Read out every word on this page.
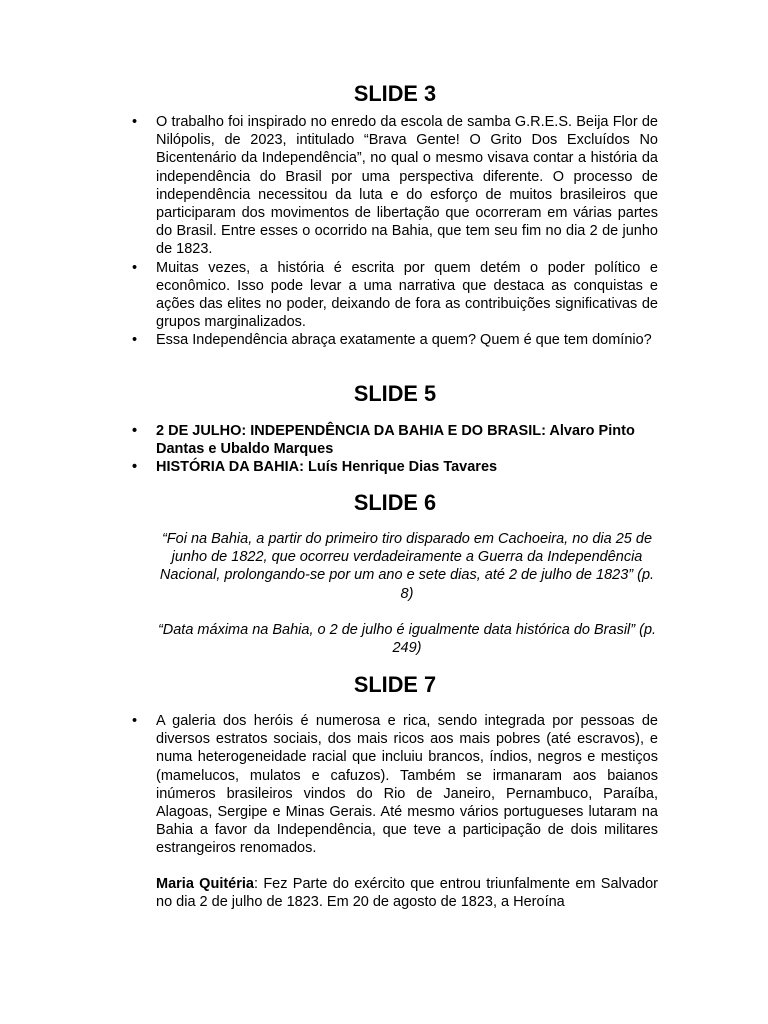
SLIDE 3
• O trabalho foi inspirado no enredo da escola de samba G.R.E.S. Beija Flor de Nilópolis, de 2023, intitulado “Brava Gente! O Grito Dos Excluídos No Bicentenário da Independência”, no qual o mesmo visava contar a história da independência do Brasil por uma perspectiva diferente. O processo de independência necessitou da luta e do esforço de muitos brasileiros que participaram dos movimentos de libertação que ocorreram em várias partes do Brasil. Entre esses o ocorrido na Bahia, que tem seu fim no dia 2 de junho de 1823.
• Muitas vezes, a história é escrita por quem detém o poder político e econômico. Isso pode levar a uma narrativa que destaca as conquistas e ações das elites no poder, deixando de fora as contribuições significativas de grupos marginalizados.
• Essa Independência abraça exatamente a quem? Quem é que tem domínio?
SLIDE 5
• 2 DE JULHO: INDEPENDÊNCIA DA BAHIA E DO BRASIL: Alvaro Pinto Dantas e Ubaldo Marques
• HISTÓRIA DA BAHIA: Luís Henrique Dias Tavares
SLIDE 6

“Foi na Bahia, a partir do primeiro tiro disparado em Cachoeira, no dia 25 de junho de 1822, que ocorreu verdadeiramente a Guerra da Independência Nacional, prolongando-se por um ano e sete dias, até 2 de julho de 1823” (p. 8)

“Data máxima na Bahia, o 2 de julho é igualmente data histórica do Brasil” (p. 249)

SLIDE 7
• A galeria dos heróis é numerosa e rica, sendo integrada por pessoas de diversos estratos sociais, dos mais ricos aos mais pobres (até escravos), e numa heterogeneidade racial que incluiu brancos, índios, negros e mestiços (mamelucos, mulatos e cafuzos). Também se irmanaram aos baianos inúmeros brasileiros vindos do Rio de Janeiro, Pernambuco, Paraíba, Alagoas, Sergipe e Minas Gerais. Até mesmo vários portugueses lutaram na Bahia a favor da Independência, que teve a participação de dois militares estrangeiros renomados.

Maria Quitéria: Fez Parte do exército que entrou triunfalmente em Salvador no dia 2 de julho de 1823. Em 20 de agosto de 1823, a Heroína
